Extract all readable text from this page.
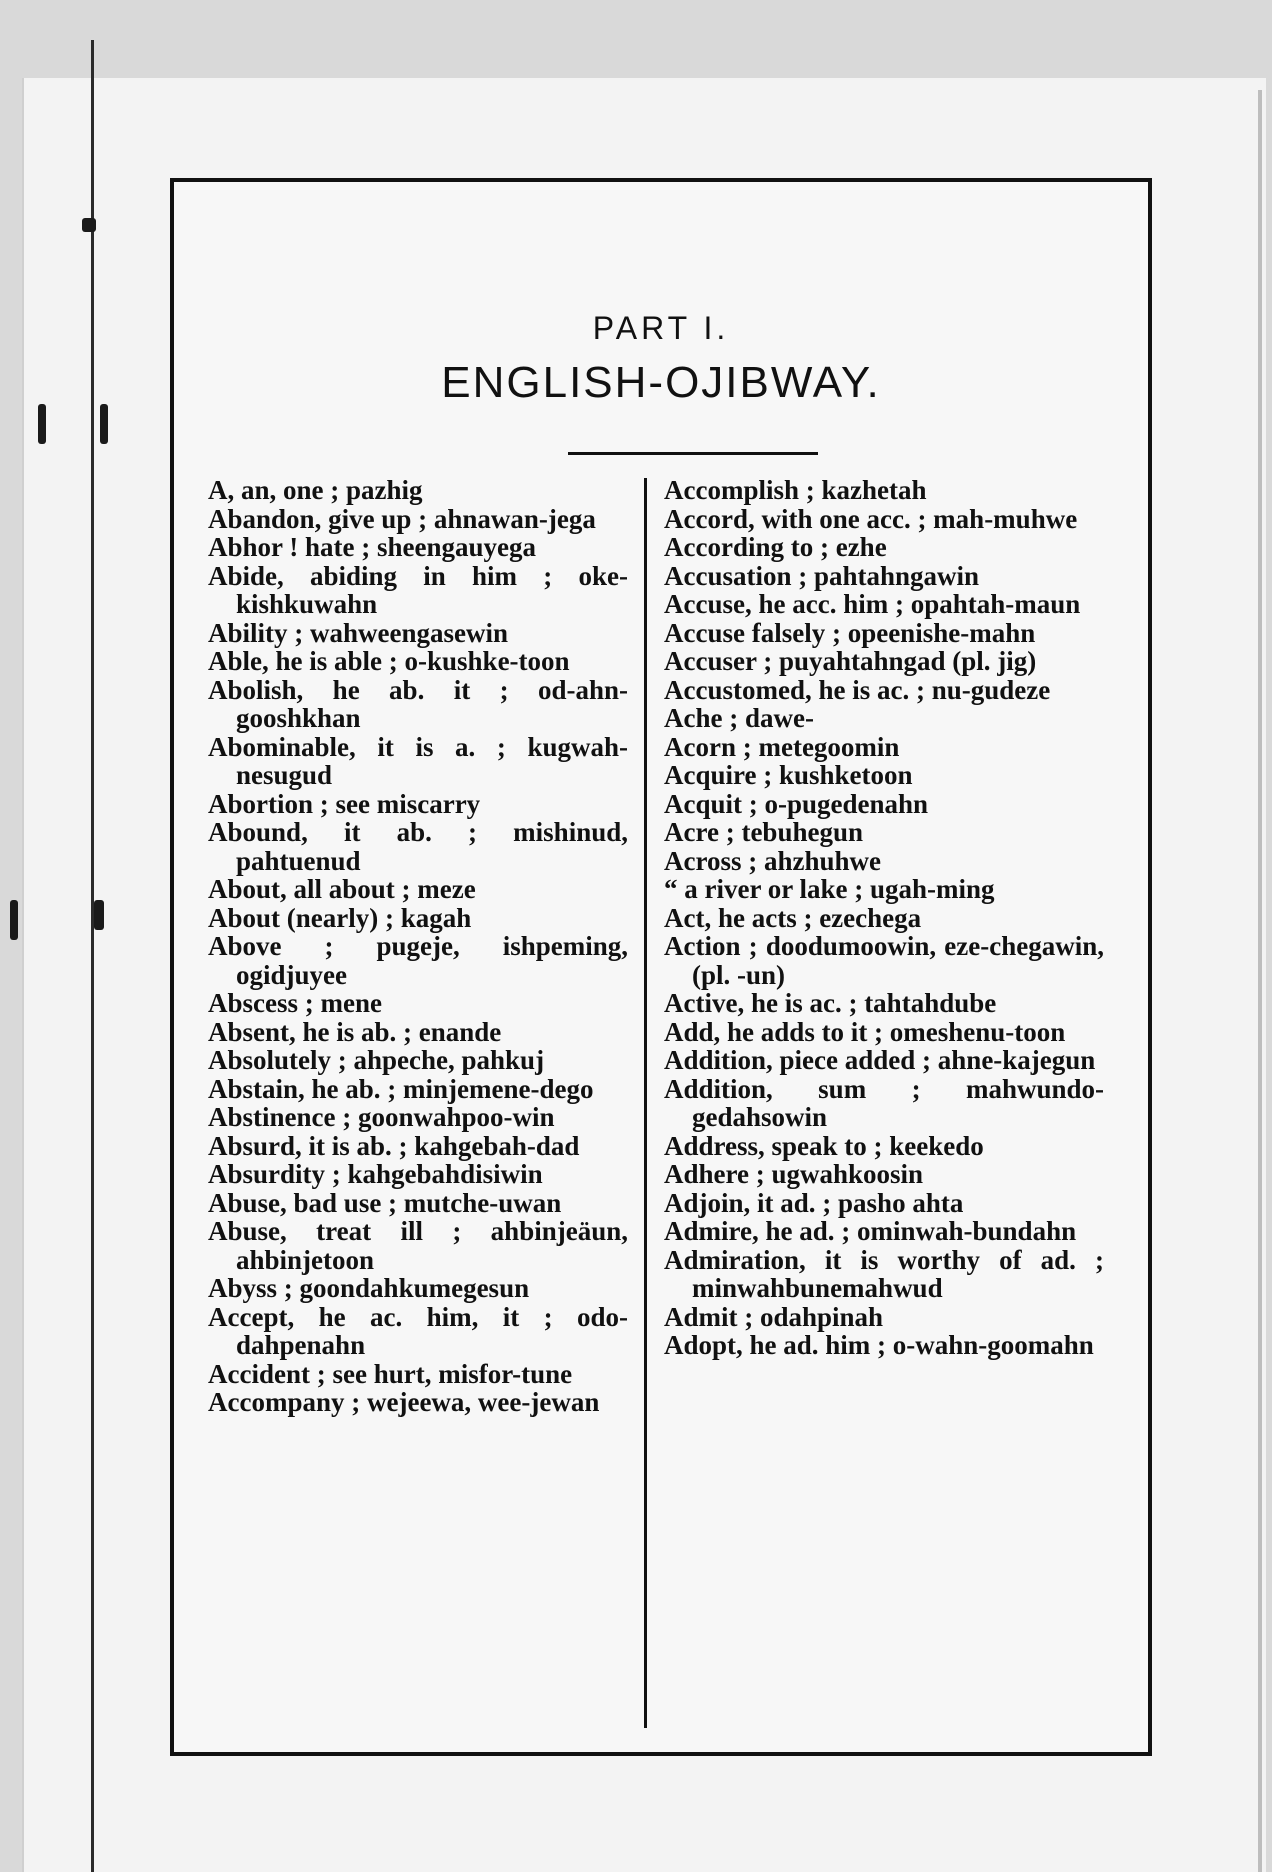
PART I.
ENGLISH-OJIBWAY.

A, an, one ; pazhig

Abandon, give up ; ahnawan-jega

Abhor ! hate ; sheengauyega

Abide, abiding in him ; oke-kishkuwahn

Ability ; wahweengasewin

Able, he is able ; o-kushke-toon

Abolish, he ab. it ; od-ahn-gooshkhan

Abominable, it is a. ; kugwah-nesugud

Abortion ; see miscarry

Abound, it ab. ; mishinud, pahtuenud

About, all about ; meze

About (nearly) ; kagah

Above ; pugeje, ishpeming, ogidjuyee

Abscess ; mene

Absent, he is ab. ; enande

Absolutely ; ahpeche, pahkuj

Abstain, he ab. ; minjemene-dego

Abstinence ; goonwahpoo-win

Absurd, it is ab. ; kahgebah-dad

Absurdity ; kahgebahdisiwin

Abuse, bad use ; mutche-uwan

Abuse, treat ill ; ahbinjeäun, ahbinjetoon

Abyss ; goondahkumegesun

Accept, he ac. him, it ; odo-dahpenahn

Accident ; see hurt, misfor-tune

Accompany ; wejeewa, wee-jewan

Accomplish ; kazhetah

Accord, with one acc. ; mah-muhwe

According to ; ezhe

Accusation ; pahtahngawin

Accuse, he acc. him ; opahtah-maun

Accuse falsely ; opeenishe-mahn

Accuser ; puyahtahngad (pl. jig)

Accustomed, he is ac. ; nu-gudeze

Ache ; dawe-

Acorn ; metegoomin

Acquire ; kushketoon

Acquit ; o-pugedenahn

Acre ; tebuhegun

Across ; ahzhuhwe

“ a river or lake ; ugah-ming

Act, he acts ; ezechega

Action ; doodumoowin, eze-chegawin, (pl. -un)

Active, he is ac. ; tahtahdube

Add, he adds to it ; omeshenu-toon

Addition, piece added ; ahne-kajegun

Addition, sum ; mahwundo-gedahsowin

Address, speak to ; keekedo

Adhere ; ugwahkoosin

Adjoin, it ad. ; pasho ahta

Admire, he ad. ; ominwah-bundahn

Admiration, it is worthy of ad. ; minwahbunemahwud

Admit ; odahpinah

Adopt, he ad. him ; o-wahn-goomahn
